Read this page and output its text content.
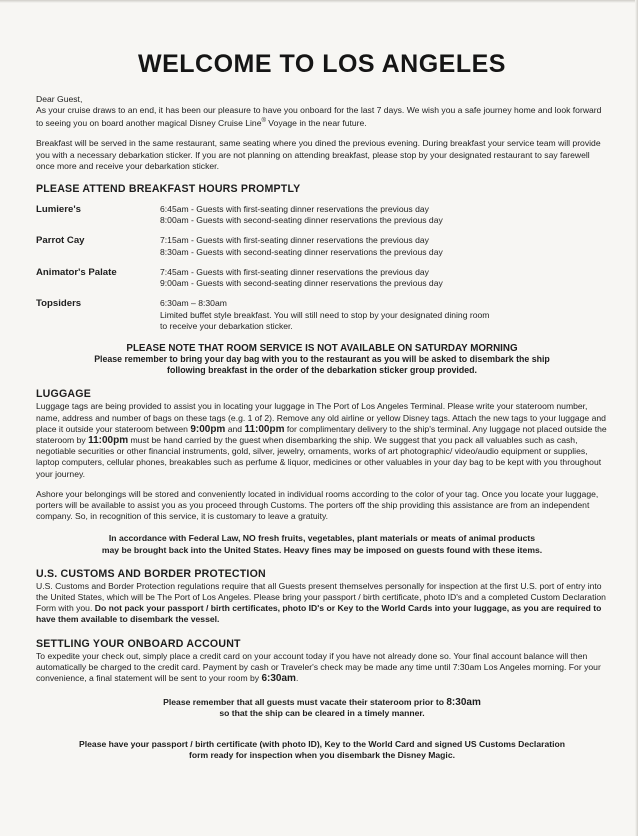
WELCOME TO LOS ANGELES

Dear Guest,

As your cruise draws to an end, it has been our pleasure to have you onboard for the last 7 days. We wish you a safe journey home and look forward to seeing you on board another magical Disney Cruise Line® Voyage in the near future.

Breakfast will be served in the same restaurant, same seating where you dined the previous evening. During breakfast your service team will provide you with a necessary debarkation sticker. If you are not planning on attending breakfast, please stop by your designated restaurant to say farewell once more and receive your debarkation sticker.

PLEASE ATTEND BREAKFAST HOURS PROMPTLY
Lumiere's	6:45am - Guests with first-seating dinner reservations the previous day
8:00am - Guests with second-seating dinner reservations the previous day
Parrot Cay	7:15am - Guests with first-seating dinner reservations the previous day
8:30am - Guests with second-seating dinner reservations the previous day
Animator's Palate	7:45am - Guests with first-seating dinner reservations the previous day
9:00am - Guests with second-seating dinner reservations the previous day
Topsiders	6:30am – 8:30am
Limited buffet style breakfast. You will still need to stop by your designated dining room
to receive your debarkation sticker.
PLEASE NOTE THAT ROOM SERVICE IS NOT AVAILABLE ON SATURDAY MORNING
Please remember to bring your day bag with you to the restaurant as you will be asked to disembark the ship
following breakfast in the order of the debarkation sticker group provided.
LUGGAGE

Luggage tags are being provided to assist you in locating your luggage in The Port of Los Angeles Terminal. Please write your stateroom number, name, address and number of bags on these tags (e.g. 1 of 2). Remove any old airline or yellow Disney tags. Attach the new tags to your luggage and place it outside your stateroom between 9:00pm and 11:00pm for complimentary delivery to the ship's terminal. Any luggage not placed outside the stateroom by 11:00pm must be hand carried by the guest when disembarking the ship. We suggest that you pack all valuables such as cash, negotiable securities or other financial instruments, gold, silver, jewelry, ornaments, works of art photographic/ video/audio equipment or supplies, laptop computers, cellular phones, breakables such as perfume & liquor, medicines or other valuables in your day bag to be kept with you throughout your journey.

Ashore your belongings will be stored and conveniently located in individual rooms according to the color of your tag. Once you locate your luggage, porters will be available to assist you as you proceed through Customs. The porters off the ship providing this assistance are from an independent company. So, in recognition of this service, it is customary to leave a gratuity.

In accordance with Federal Law, NO fresh fruits, vegetables, plant materials or meats of animal products
may be brought back into the United States. Heavy fines may be imposed on guests found with these items.
U.S. CUSTOMS AND BORDER PROTECTION

U.S. Customs and Border Protection regulations require that all Guests present themselves personally for inspection at the first U.S. port of entry into the United States, which will be The Port of Los Angeles. Please bring your passport / birth certificate, photo ID's and a completed Custom Declaration Form with you. Do not pack your passport / birth certificates, photo ID's or Key to the World Cards into your luggage, as you are required to have them available to disembark the vessel.

SETTLING YOUR ONBOARD ACCOUNT

To expedite your check out, simply place a credit card on your account today if you have not already done so. Your final account balance will then automatically be charged to the credit card. Payment by cash or Traveler's check may be made any time until 7:30am Los Angeles morning. For your convenience, a final statement will be sent to your room by 6:30am.

Please remember that all guests must vacate their stateroom prior to 8:30am
so that the ship can be cleared in a timely manner.
Please have your passport / birth certificate (with photo ID), Key to the World Card and signed US Customs Declaration
form ready for inspection when you disembark the Disney Magic.
